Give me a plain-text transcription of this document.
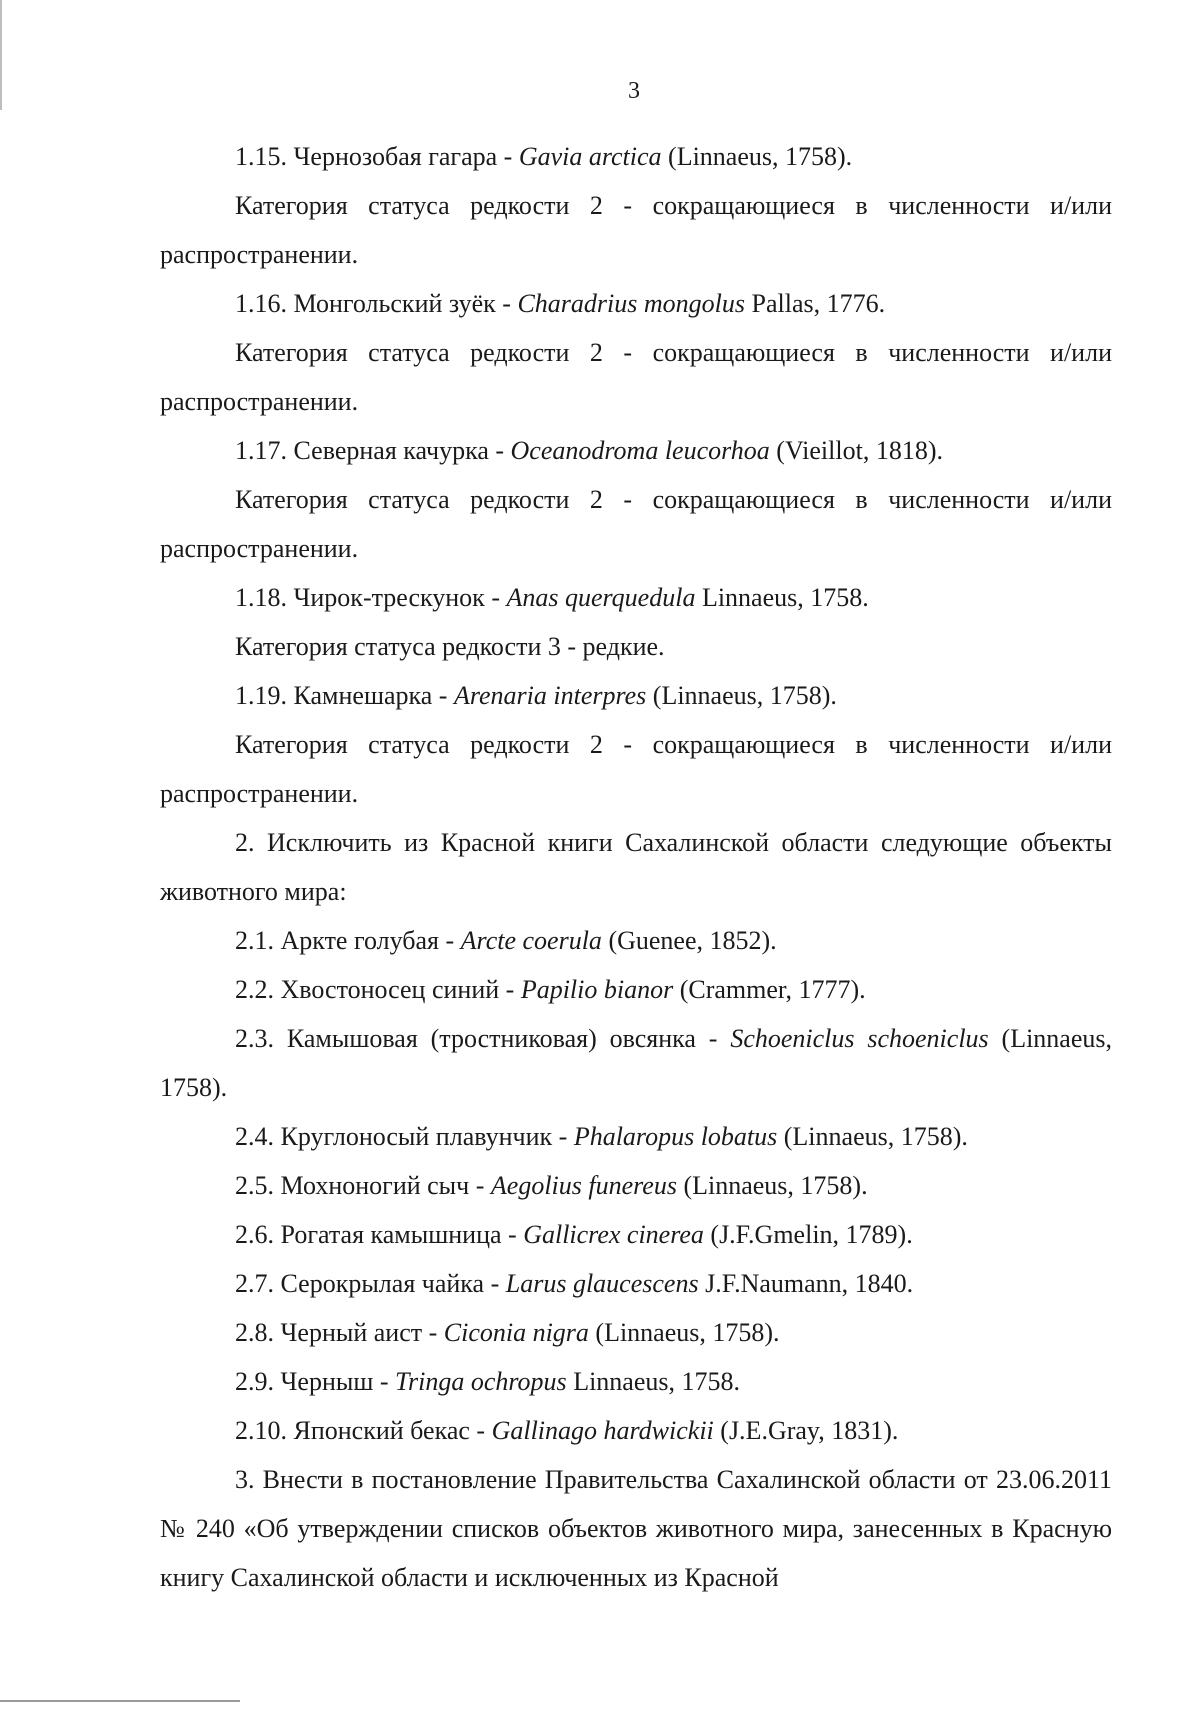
3

1.15. Чернозобая гагара - Gavia arctica (Linnaeus, 1758).

Категория статуса редкости 2 - сокращающиеся в численности и/или распространении.

1.16. Монгольский зуёк - Charadrius mongolus Pallas, 1776.

Категория статуса редкости 2 - сокращающиеся в численности и/или распространении.

1.17. Северная качурка - Oceanodroma leucorhoa (Vieillot, 1818).

Категория статуса редкости 2 - сокращающиеся в численности и/или распространении.

1.18. Чирок-трескунок - Anas querquedula Linnaeus, 1758.

Категория статуса редкости 3 - редкие.

1.19. Камнешарка - Arenaria interpres (Linnaeus, 1758).

Категория статуса редкости 2 - сокращающиеся в численности и/или распространении.

2. Исключить из Красной книги Сахалинской области следующие объекты животного мира:

2.1. Аркте голубая - Arcte coerula (Guenee, 1852).

2.2. Хвостоносец синий - Papilio bianor (Crammer, 1777).

2.3. Камышовая (тростниковая) овсянка - Schoeniclus schoeniclus (Linnaeus, 1758).

2.4. Круглоносый плавунчик - Phalaropus lobatus (Linnaeus, 1758).

2.5. Мохноногий сыч - Aegolius funereus (Linnaeus, 1758).

2.6. Рогатая камышница - Gallicrex cinerea (J.F.Gmelin, 1789).

2.7. Серокрылая чайка - Larus glaucescens J.F.Naumann, 1840.

2.8. Черный аист - Ciconia nigra (Linnaeus, 1758).

2.9. Черныш - Tringa ochropus Linnaeus, 1758.

2.10. Японский бекас - Gallinago hardwickii (J.E.Gray, 1831).

3. Внести в постановление Правительства Сахалинской области от 23.06.2011 № 240 «Об утверждении списков объектов животного мира, занесенных в Красную книгу Сахалинской области и исключенных из Красной
